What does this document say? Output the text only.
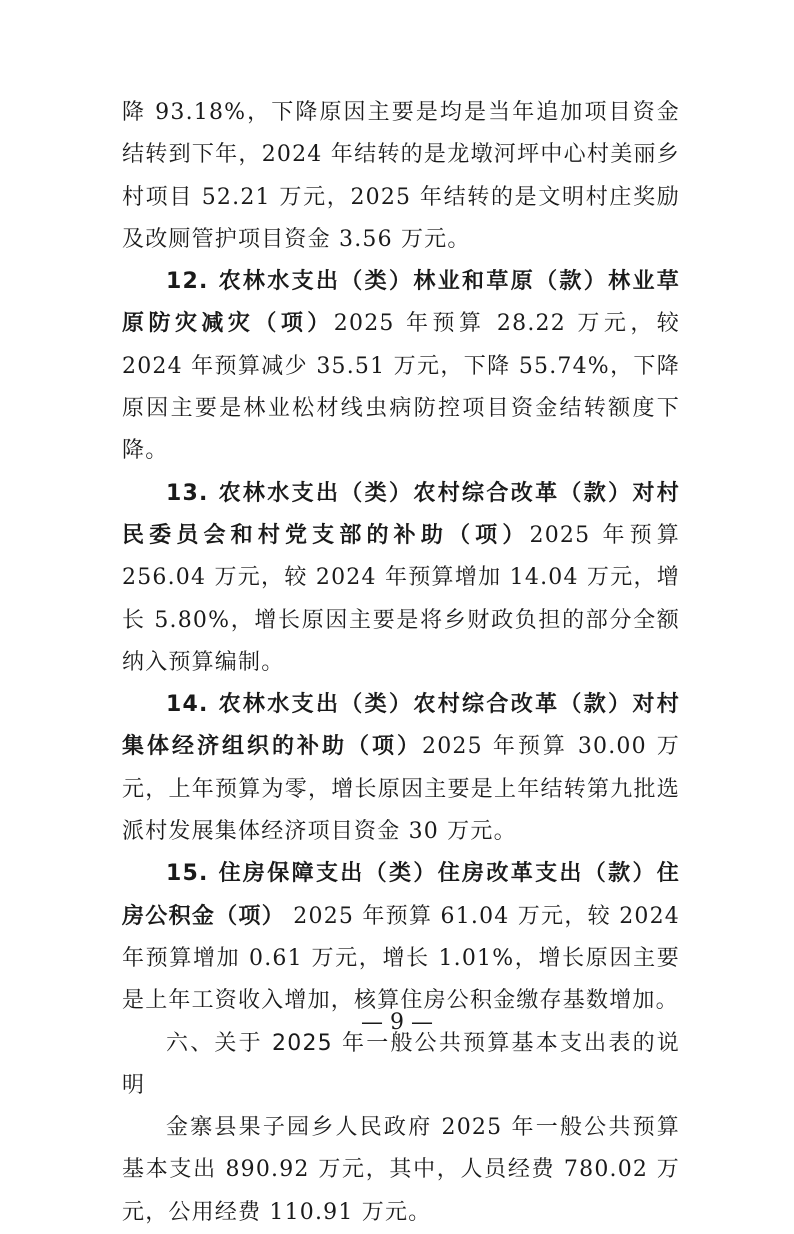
降 93.18%，下降原因主要是均是当年追加项目资金结转到下年，2024 年结转的是龙墩河坪中心村美丽乡村项目 52.21 万元，2025 年结转的是文明村庄奖励及改厕管护项目资金 3.56 万元。

12. 农林水支出（类）林业和草原（款）林业草原防灾减灾（项）2025 年预算 28.22 万元，较 2024 年预算减少 35.51 万元，下降 55.74%，下降原因主要是林业松材线虫病防控项目资金结转额度下降。

13. 农林水支出（类）农村综合改革（款）对村民委员会和村党支部的补助（项）2025 年预算 256.04 万元，较 2024 年预算增加 14.04 万元，增长 5.80%，增长原因主要是将乡财政负担的部分全额纳入预算编制。

14. 农林水支出（类）农村综合改革（款）对村集体经济组织的补助（项）2025 年预算 30.00 万元，上年预算为零，增长原因主要是上年结转第九批选派村发展集体经济项目资金 30 万元。

15. 住房保障支出（类）住房改革支出（款）住房公积金（项） 2025 年预算 61.04 万元，较 2024 年预算增加 0.61 万元，增长 1.01%，增长原因主要是上年工资收入增加，核算住房公积金缴存基数增加。

六、关于 2025 年一般公共预算基本支出表的说明

金寨县果子园乡人民政府 2025 年一般公共预算基本支出 890.92 万元，其中，人员经费 780.02 万元，公用经费 110.91 万元。

— 9 —
